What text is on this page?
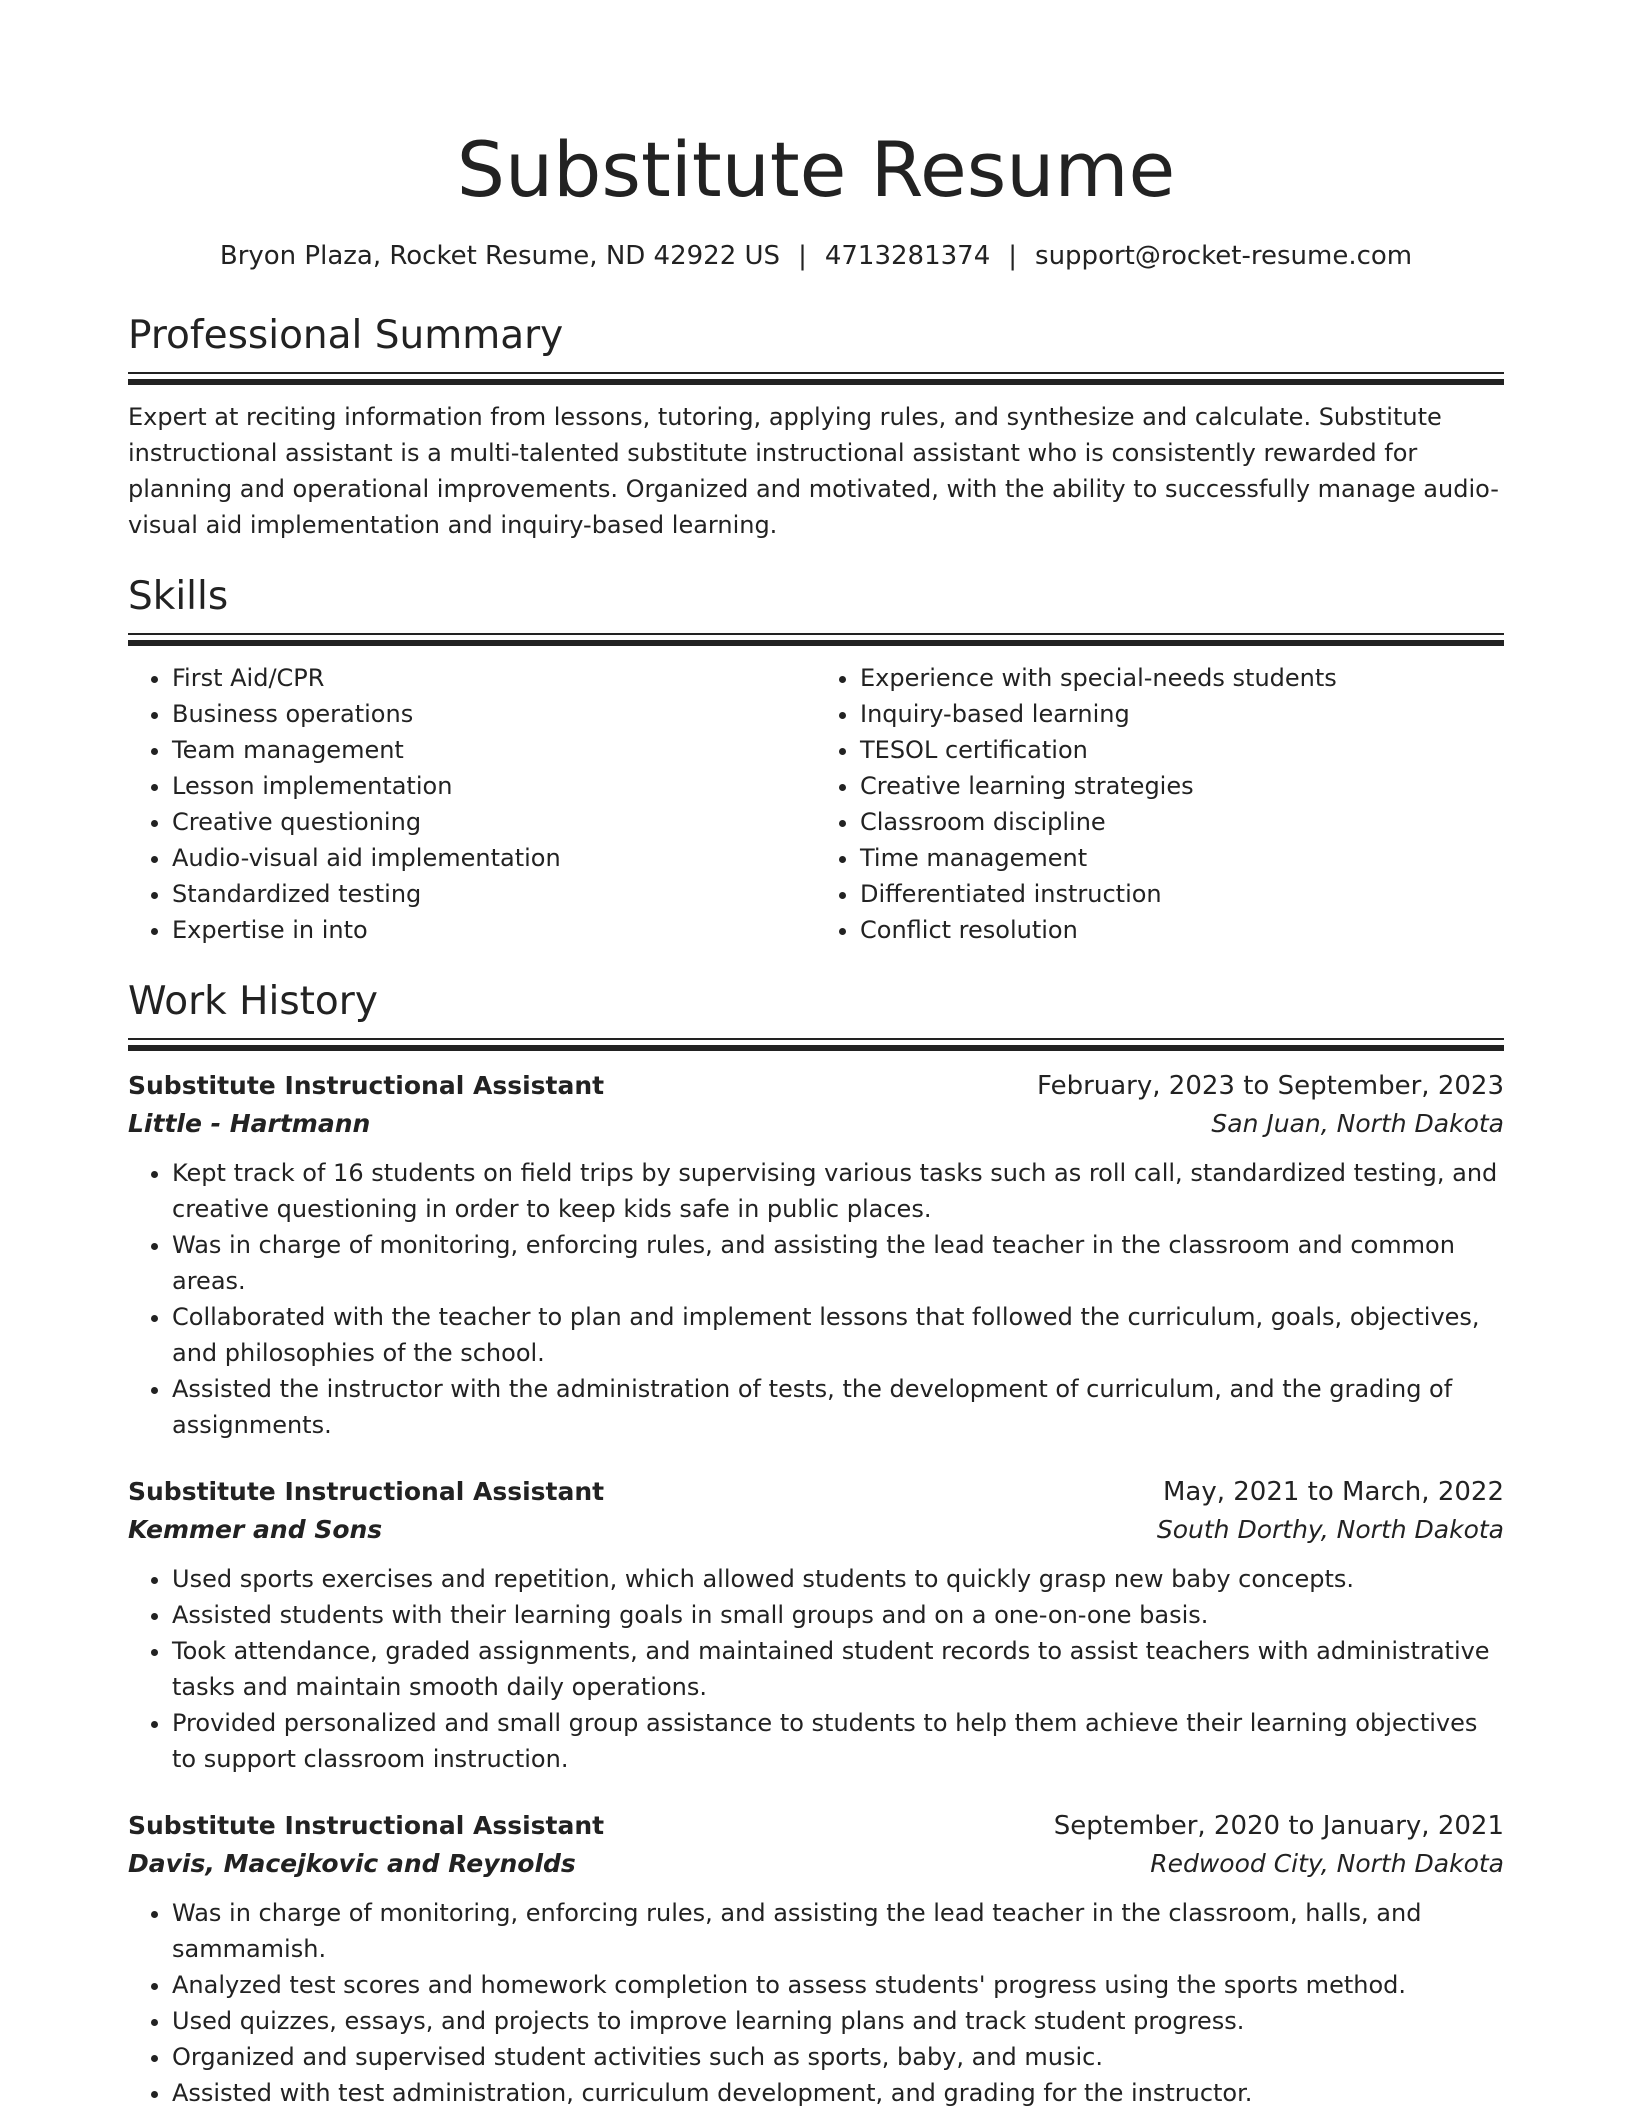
Substitute Resume
Bryon Plaza, Rocket Resume, ND 42922 US | 4713281374 | support@rocket-resume.com
Professional Summary
Expert at reciting information from lessons, tutoring, applying rules, and synthesize and calculate. Substitute instructional assistant is a multi-talented substitute instructional assistant who is consistently rewarded for planning and operational improvements. Organized and motivated, with the ability to successfully manage audio-visual aid implementation and inquiry-based learning.
Skills
• First Aid/CPR
• Business operations
• Team management
• Lesson implementation
• Creative questioning
• Audio-visual aid implementation
• Standardized testing
• Expertise in into
• Experience with special-needs students
• Inquiry-based learning
• TESOL certification
• Creative learning strategies
• Classroom discipline
• Time management
• Differentiated instruction
• Conflict resolution
Work History
Substitute Instructional Assistant	February, 2023 to September, 2023
Little - Hartmann	San Juan, North Dakota
• Kept track of 16 students on field trips by supervising various tasks such as roll call, standardized testing, and creative questioning in order to keep kids safe in public places.
• Was in charge of monitoring, enforcing rules, and assisting the lead teacher in the classroom and common areas.
• Collaborated with the teacher to plan and implement lessons that followed the curriculum, goals, objectives, and philosophies of the school.
• Assisted the instructor with the administration of tests, the development of curriculum, and the grading of assignments.
Substitute Instructional Assistant	May, 2021 to March, 2022
Kemmer and Sons	South Dorthy, North Dakota
• Used sports exercises and repetition, which allowed students to quickly grasp new baby concepts.
• Assisted students with their learning goals in small groups and on a one-on-one basis.
• Took attendance, graded assignments, and maintained student records to assist teachers with administrative tasks and maintain smooth daily operations.
• Provided personalized and small group assistance to students to help them achieve their learning objectives to support classroom instruction.
Substitute Instructional Assistant	September, 2020 to January, 2021
Davis, Macejkovic and Reynolds	Redwood City, North Dakota
• Was in charge of monitoring, enforcing rules, and assisting the lead teacher in the classroom, halls, and sammamish.
• Analyzed test scores and homework completion to assess students' progress using the sports method.
• Used quizzes, essays, and projects to improve learning plans and track student progress.
• Organized and supervised student activities such as sports, baby, and music.
• Assisted with test administration, curriculum development, and grading for the instructor.
